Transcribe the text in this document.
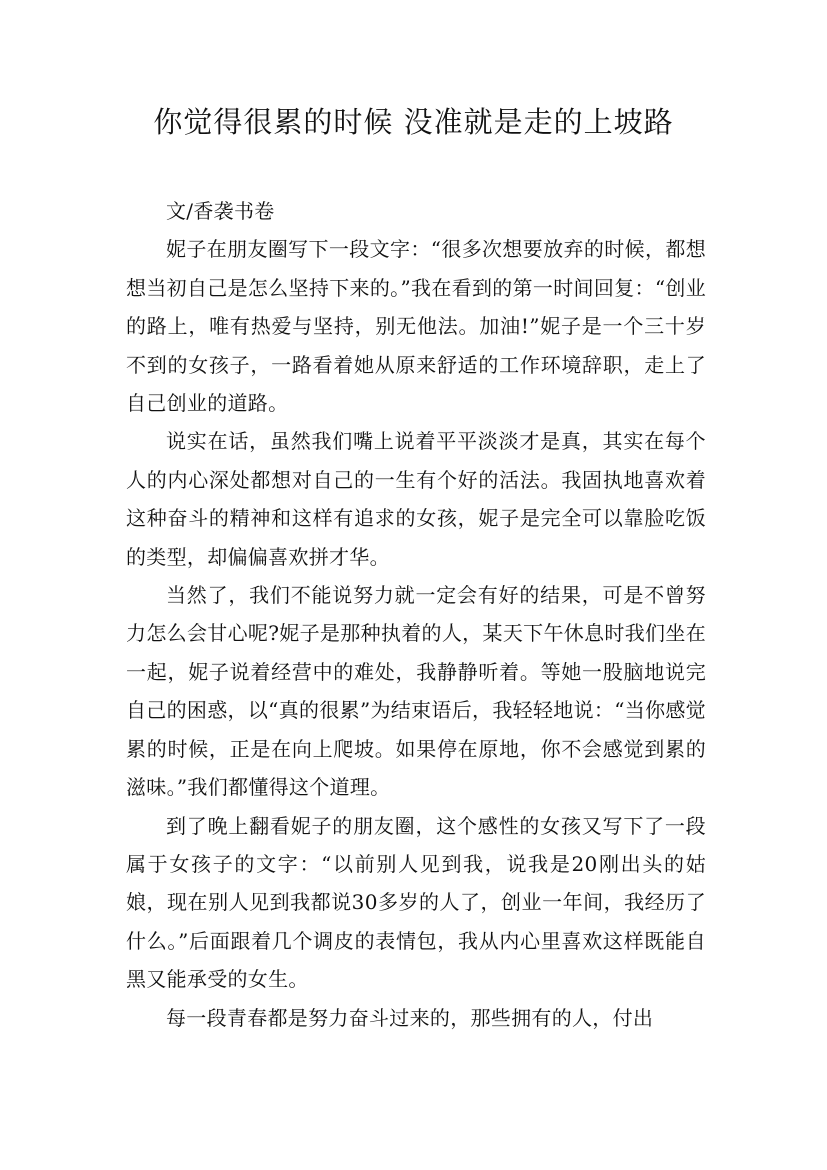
你觉得很累的时候 没准就是走的上坡路

文/香袭书卷

妮子在朋友圈写下一段文字：“很多次想要放弃的时候，都想想当初自己是怎么坚持下来的。”我在看到的第一时间回复：“创业的路上，唯有热爱与坚持，别无他法。加油!”妮子是一个三十岁不到的女孩子，一路看着她从原来舒适的工作环境辞职，走上了自己创业的道路。

说实在话，虽然我们嘴上说着平平淡淡才是真，其实在每个人的内心深处都想对自己的一生有个好的活法。我固执地喜欢着这种奋斗的精神和这样有追求的女孩，妮子是完全可以靠脸吃饭的类型，却偏偏喜欢拼才华。

当然了，我们不能说努力就一定会有好的结果，可是不曾努力怎么会甘心呢?妮子是那种执着的人，某天下午休息时我们坐在一起，妮子说着经营中的难处，我静静听着。等她一股脑地说完自己的困惑，以“真的很累”为结束语后，我轻轻地说：“当你感觉累的时候，正是在向上爬坡。如果停在原地，你不会感觉到累的滋味。”我们都懂得这个道理。

到了晚上翻看妮子的朋友圈，这个感性的女孩又写下了一段属于女孩子的文字：“以前别人见到我，说我是20刚出头的姑娘，现在别人见到我都说30多岁的人了，创业一年间，我经历了什么。”后面跟着几个调皮的表情包，我从内心里喜欢这样既能自黑又能承受的女生。

每一段青春都是努力奋斗过来的，那些拥有的人，付出
